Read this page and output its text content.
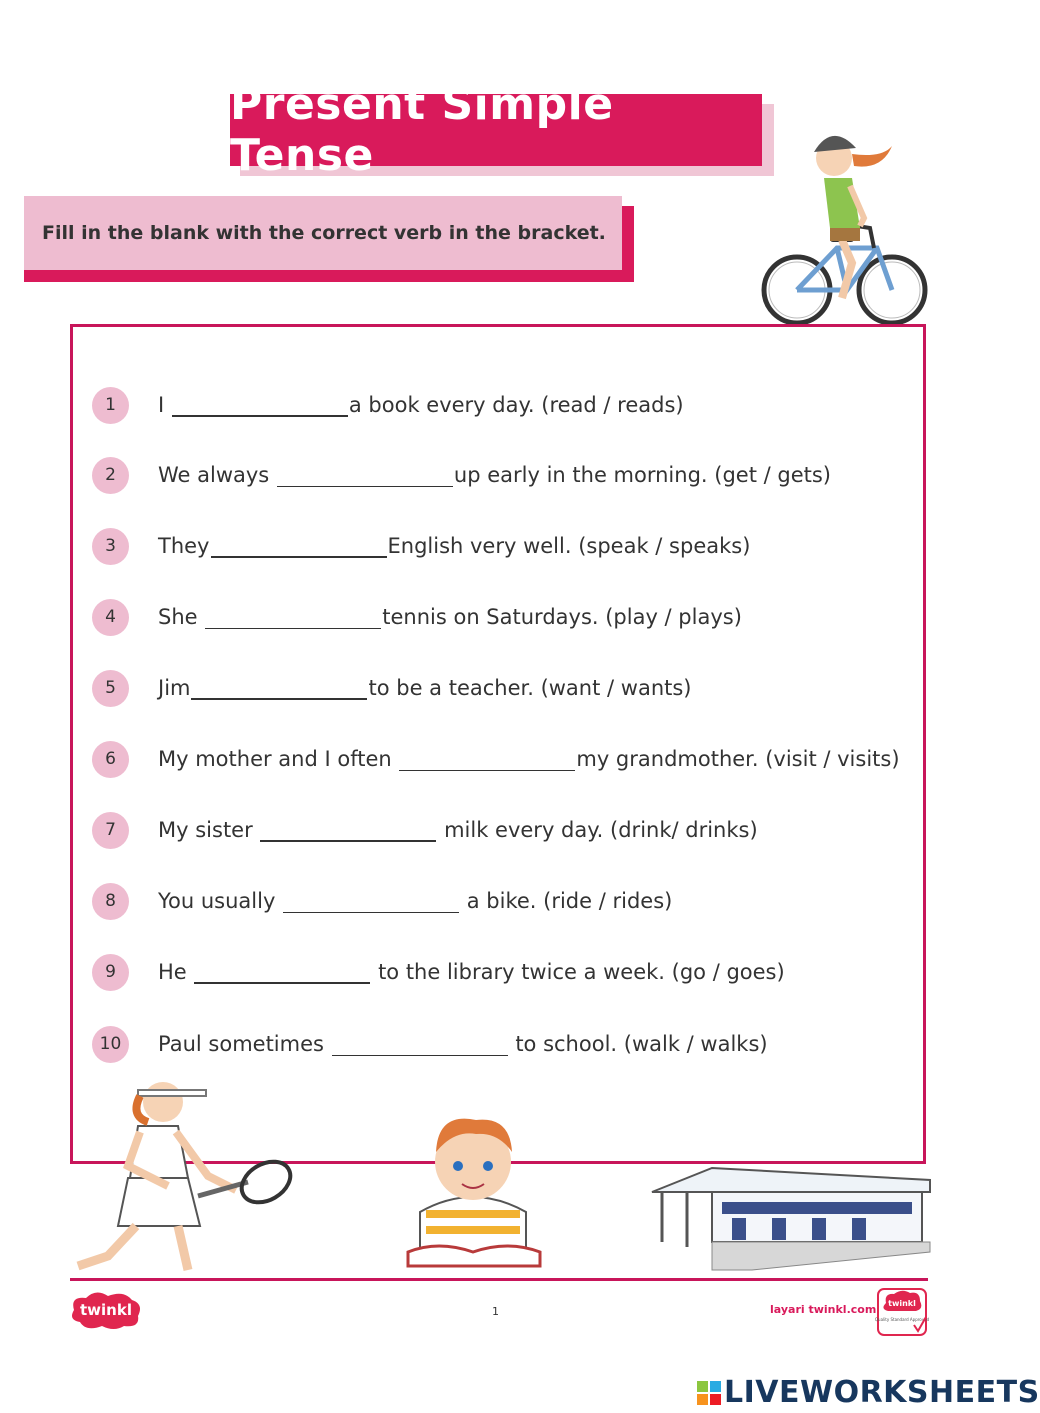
Present Simple Tense
Fill in the blank with the correct verb in the bracket.
1	I	a book every day. (read / reads)
2	We always	up early in the morning. (get / gets)
3	They	English very well. (speak / speaks)
4	She	tennis on Saturdays. (play / plays)
5	Jim	to be a teacher. (want / wants)
6	My mother and I often	my grandmother. (visit / visits)
7	My sister	milk every day. (drink/ drinks)
8	You usually	a bike. (ride / rides)
9	He	to the library twice a week. (go / goes)
10	Paul sometimes	to school. (walk / walks)
twinkl	1	layari twinkl.com twinkl
Quality Standard Approved
LIVEWORKSHEETS
